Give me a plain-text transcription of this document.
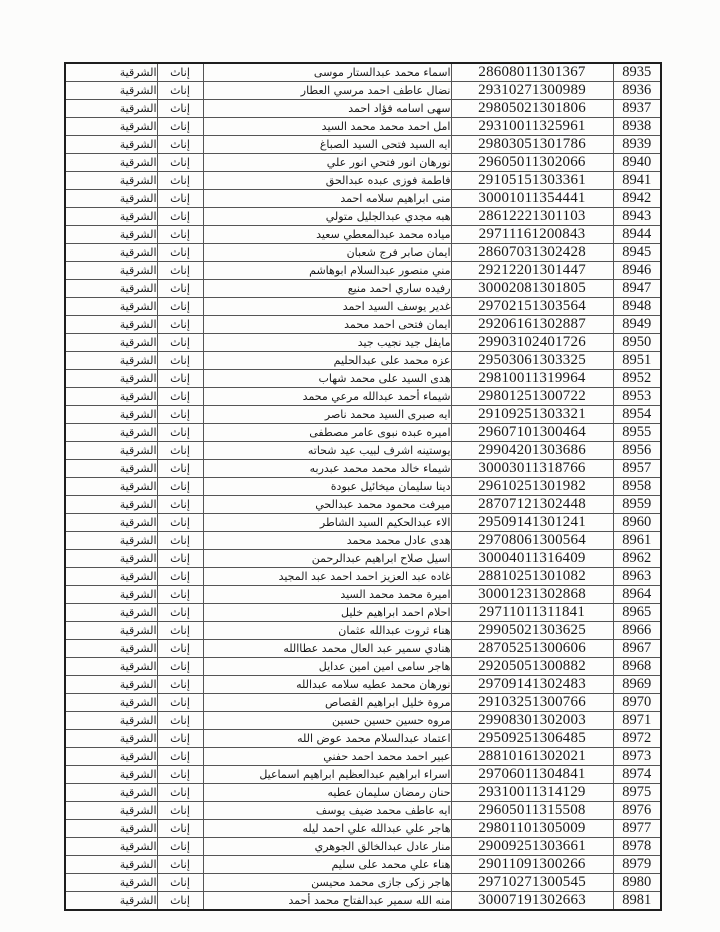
الشرقية	إناث	اسماء محمد عبدالستار موسى	28608011301367	8935
الشرقية	إناث	نضال عاطف احمد مرسي العطار	29310271300989	8936
الشرقية	إناث	سهى اسامه فؤاد احمد	29805021301806	8937
الشرقية	إناث	امل احمد محمد محمد السيد	29310011325961	8938
الشرقية	إناث	ايه السيد فتحى السيد الصباغ	29803051301786	8939
الشرقية	إناث	نورهان انور فتحي انور علي	29605011302066	8940
الشرقية	إناث	فاطمة فوزى عبده عبدالحق	29105151303361	8941
الشرقية	إناث	منى ابراهيم سلامه احمد	30001011354441	8942
الشرقية	إناث	هبه مجدي عبدالجليل متولي	28612221301103	8943
الشرقية	إناث	مياده محمد عبدالمعطي سعيد	29711161200843	8944
الشرقية	إناث	ايمان صابر فرج شعبان	28607031302428	8945
الشرقية	إناث	مني منصور عبدالسلام ابوهاشم	29212201301447	8946
الشرقية	إناث	رفيده ساري احمد منيع	30002081301805	8947
الشرقية	إناث	غدير يوسف السيد احمد	29702151303564	8948
الشرقية	إناث	ايمان فتحى احمد محمد	29206161302887	8949
الشرقية	إناث	مايفل جيد نجيب جيد	29903102401726	8950
الشرقية	إناث	عزه محمد على عبدالحليم	29503061303325	8951
الشرقية	إناث	هدى السيد على محمد شهاب	29810011319964	8952
الشرقية	إناث	شيماء أحمد عبدالله مرعي محمد	29801251300722	8953
الشرقية	إناث	ايه صبرى السيد محمد ناصر	29109251303321	8954
الشرقية	إناث	اميره عبده نبوى عامر مصطفى	29607101300464	8955
الشرقية	إناث	يوستينه اشرف لبيب عيد شحاته	29904201303686	8956
الشرقية	إناث	شيماء خالد محمد محمد عبدربه	30003011318766	8957
الشرقية	إناث	دينا سليمان ميخائيل عبودة	29610251301982	8958
الشرقية	إناث	ميرفت محمود محمد عبدالحي	28707121302448	8959
الشرقية	إناث	الاء عبدالحكيم السيد الشاطر	29509141301241	8960
الشرقية	إناث	هدى عادل محمد محمد	29708061300564	8961
الشرقية	إناث	اسيل صلاح ابراهيم عبدالرحمن	30004011316409	8962
الشرقية	إناث	غاده عبد العزيز احمد احمد عبد المجيد	28810251301082	8963
الشرقية	إناث	اميرة محمد محمد السيد	30001231302868	8964
الشرقية	إناث	احلام احمد ابراهيم خليل	29711011311841	8965
الشرقية	إناث	هناء ثروت عبدالله عثمان	29905021303625	8966
الشرقية	إناث	هنادي سمير عبد العال محمد عطاالله	28705251300606	8967
الشرقية	إناث	هاجر سامى امين امين عدايل	29205051300882	8968
الشرقية	إناث	نورهان محمد عطيه سلامه عبدالله	29709141302483	8969
الشرقية	إناث	مروة خليل ابراهيم القصاص	29103251300766	8970
الشرقية	إناث	مروه حسين حسين حسين	29908301302003	8971
الشرقية	إناث	اعتماد عبدالسلام محمد عوض الله	29509251306485	8972
الشرقية	إناث	عبير احمد محمد احمد حفني	28810161302021	8973
الشرقية	إناث	اسراء ابراهيم عبدالعظيم ابراهيم اسماعيل	29706011304841	8974
الشرقية	إناث	حنان رمضان سليمان عطيه	29310011314129	8975
الشرقية	إناث	ايه عاطف محمد ضيف يوسف	29605011315508	8976
الشرقية	إناث	هاجر علي عبدالله علي احمد ليله	29801101305009	8977
الشرقية	إناث	منار عادل عبدالخالق الجوهري	29009251303661	8978
الشرقية	إناث	هناء علي محمد على سليم	29011091300266	8979
الشرقية	إناث	هاجر زكى جازى محمد محيسن	29710271300545	8980
الشرقية	إناث	منه الله سمير عبدالفتاح محمد أحمد	30007191302663	8981
